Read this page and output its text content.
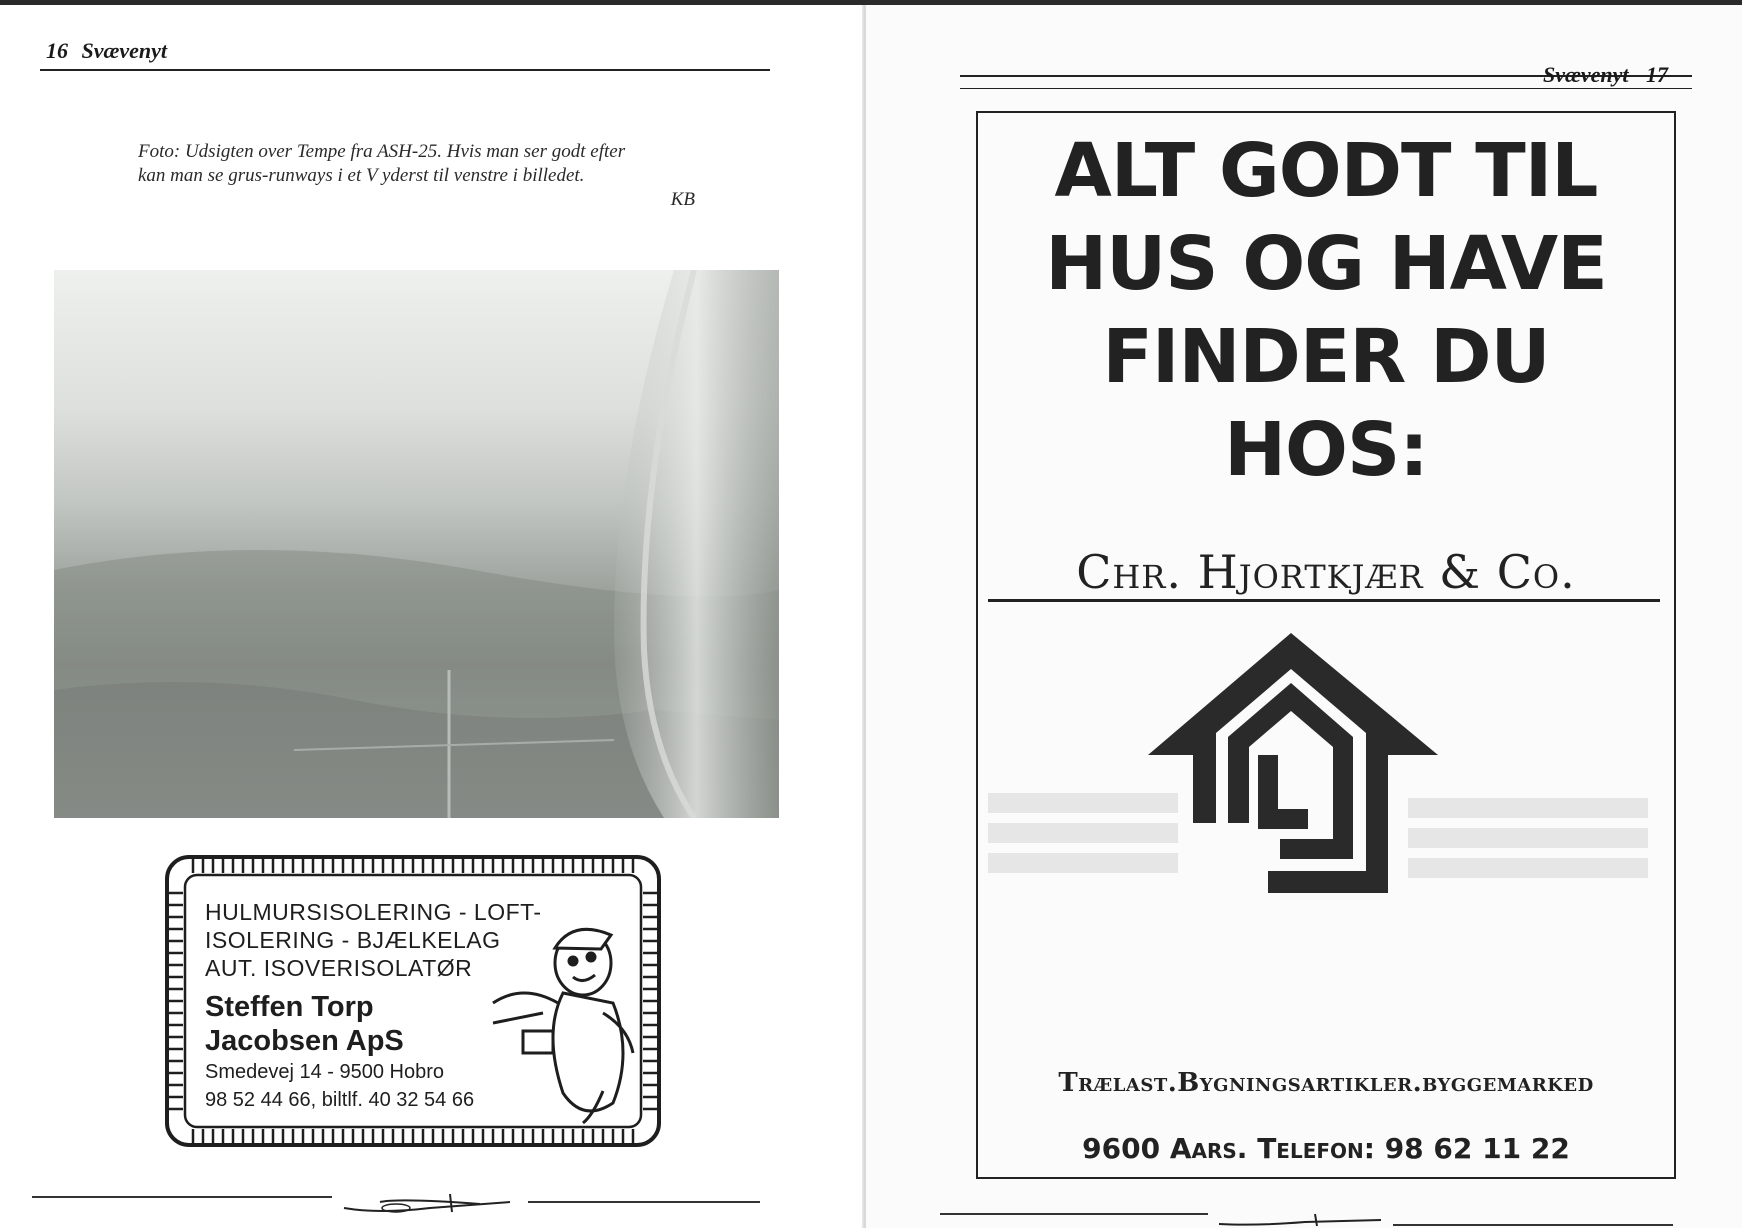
16 Svævenyt
Foto: Udsigten over Tempe fra ASH-25. Hvis man ser godt efter
kan man se grus-runways i et V yderst til venstre i billedet.
KB
HULMURSISOLERING - LOFT-
ISOLERING - BJÆLKELAG
AUT. ISOVERISOLATØR
Steffen Torp
Jacobsen ApS
Smedevej 14 - 9500 Hobro
98 52 44 66, biltlf. 40 32 54 66
Svævenyt 17
ALT GODT TIL
HUS OG HAVE
FINDER DU
HOS:
Chr. Hjortkjær & Co.
Trælast.Bygningsartikler.byggemarked
9600 Aars. Telefon: 98 62 11 22
